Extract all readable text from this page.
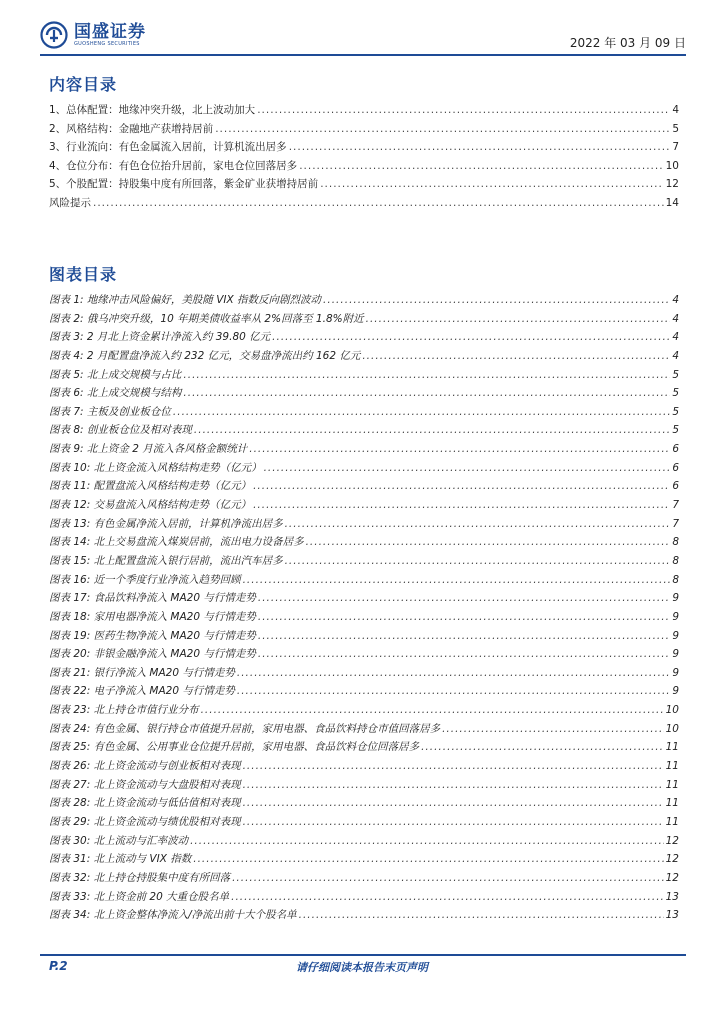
国盛证券
GUOSHENG SECURITIES	2022 年 03 月 09 日
内容目录
1、总体配置：地缘冲突升级，北上波动加大 .....	4
2、风格结构：金融地产获增持居前 .....	5
3、行业流向：有色金属流入居前，计算机流出居多 .....	7
4、仓位分布：有色仓位抬升居前，家电仓位回落居多 .....	10
5、个股配置：持股集中度有所回落，紫金矿业获增持居前 .....	12
风险提示 .....	14
图表目录
图表 1: 地缘冲击风险偏好，美股随 VIX 指数反向剧烈波动 .....	4
图表 2: 俄乌冲突升级，10 年期美债收益率从 2%回落至 1.8%附近 .....	4
图表 3: 2 月北上资金累计净流入约 39.80 亿元 .....	4
图表 4: 2 月配置盘净流入约 232 亿元，交易盘净流出约 162 亿元 .....	4
图表 5: 北上成交规模与占比 .....	5
图表 6: 北上成交规模与结构 .....	5
图表 7: 主板及创业板仓位 .....	5
图表 8: 创业板仓位及相对表现 .....	5
图表 9: 北上资金 2 月流入各风格金额统计 .....	6
图表 10: 北上资金流入风格结构走势（亿元） .....	6
图表 11: 配置盘流入风格结构走势（亿元） .....	6
图表 12: 交易盘流入风格结构走势（亿元） .....	7
图表 13: 有色金属净流入居前，计算机净流出居多 .....	7
图表 14: 北上交易盘流入煤炭居前，流出电力设备居多 .....	8
图表 15: 北上配置盘流入银行居前，流出汽车居多 .....	8
图表 16: 近一个季度行业净流入趋势回顾 .....	8
图表 17: 食品饮料净流入 MA20 与行情走势 .....	9
图表 18: 家用电器净流入 MA20 与行情走势 .....	9
图表 19: 医药生物净流入 MA20 与行情走势 .....	9
图表 20: 非银金融净流入 MA20 与行情走势 .....	9
图表 21: 银行净流入 MA20 与行情走势 .....	9
图表 22: 电子净流入 MA20 与行情走势 .....	9
图表 23: 北上持仓市值行业分布 .....	10
图表 24: 有色金属、银行持仓市值提升居前，家用电器、食品饮料持仓市值回落居多 .....	10
图表 25: 有色金属、公用事业仓位提升居前，家用电器、食品饮料仓位回落居多 .....	11
图表 26: 北上资金流动与创业板相对表现 .....	11
图表 27: 北上资金流动与大盘股相对表现 .....	11
图表 28: 北上资金流动与低估值相对表现 .....	11
图表 29: 北上资金流动与绩优股相对表现 .....	11
图表 30: 北上流动与汇率波动 .....	12
图表 31: 北上流动与 VIX 指数 .....	12
图表 32: 北上持仓持股集中度有所回落 .....	12
图表 33: 北上资金前 20 大重仓股名单 .....	13
图表 34: 北上资金整体净流入/净流出前十大个股名单 .....	13
请仔细阅读本报告末页声明
P.2
